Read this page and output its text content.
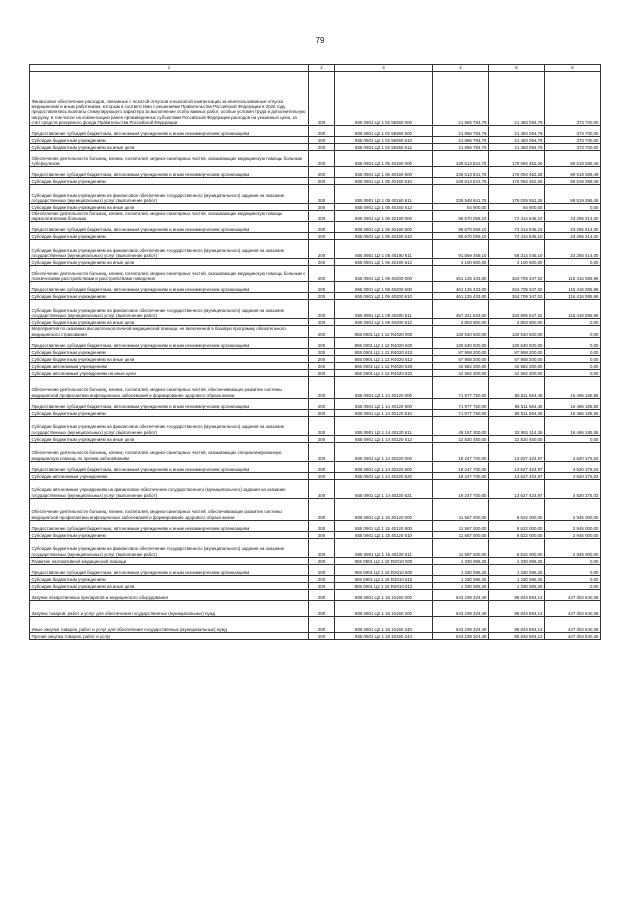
79
1	2	3	4	5	6
Финансовое обеспечение расходов, связанных с оплатой отпусков и выплатой компенсации за неиспользованные отпуска медицинским и иным работникам, которым в соответствии с решениями Правительства Российской Федерации в 2020 году предоставлялись выплаты стимулирующего характера за выполнение особо важных работ, особые условия труда и дополнительную нагрузку, в том числе на компенсацию ранее произведенных субъектами Российской Федерации расходов на указанные цели, за счет средств резервного фонда Правительства Российской Федерации	200	855 0901 Ц2 1 02 58360 000	21 856 794,79	21 483 094,79	373 700,00
Предоставление субсидий бюджетным, автономным учреждениям и иным некоммерческим организациям	200	855 0901 Ц2 1 02 58360 600	21 856 794,79	21 483 094,79	373 700,00
Субсидии бюджетным учреждениям	200	855 0901 Ц2 1 02 58360 610	21 856 794,79	21 483 094,79	373 700,00
Субсидии бюджетным учреждениям на иные цели	200	855 0901 Ц2 1 02 58360 612	21 856 794,79	21 483 094,79	373 700,00
Обеспечение деятельности больниц, клиник, госпиталей, медико-санитарных частей, оказывающих медицинскую помощь больным туберкулезом	200	855 0901 Ц2 1 05 40160 000	236 613 841,75	176 094 452,26	59 519 389,49
Предоставление субсидий бюджетным, автономным учреждениям и иным некоммерческим организациям	200	855 0901 Ц2 1 05 40160 600	236 613 841,75	176 094 452,26	59 519 389,49
Субсидии бюджетным учреждениям	200	855 0901 Ц2 1 05 40160 610	236 613 841,75	176 094 452,26	59 519 389,49
Субсидии бюджетным учреждениям на финансовое обеспечение государственного (муниципального) задания на оказание государственных (муниципальных) услуг (выполнение работ)	200	855 0901 Ц2 1 05 40160 611	236 548 941,75	176 029 552,26	59 519 389,49
Субсидии бюджетным учреждениям на иные цели	200	855 0901 Ц2 1 05 40160 612	64 900,00	64 900,00	0,00
Обеспечение деятельности больниц, клиник, госпиталей, медико-санитарных частей, оказывающих медицинскую помощь наркологическим больным	200	855 0901 Ц2 1 06 40190 000	95 670 059,10	72 414 645,10	23 255 414,00
Предоставление субсидий бюджетным, автономным учреждениям и иным некоммерческим организациям	200	855 0901 Ц2 1 06 40190 600	95 670 059,10	72 414 645,10	23 255 414,00
Субсидии бюджетным учреждениям	200	855 0901 Ц2 1 06 40190 610	95 670 059,10	72 414 645,10	23 255 414,00
Субсидии бюджетным учреждениям на финансовое обеспечение государственного (муниципального) задания на оказание государственных (муниципальных) услуг (выполнение работ)	200	855 0901 Ц2 1 06 40190 611	91 569 459,10	68 314 045,10	23 255 414,00
Субсидии бюджетным учреждениям на иные цели	200	855 0901 Ц2 1 06 40190 612	4 100 600,00	4 100 600,00	0,00
Обеспечение деятельности больниц, клиник, госпиталей, медико-санитарных частей, оказывающих медицинскую помощь больным с психическими расстройствами и расстройствами поведения	200	855 0901 Ц2 1 09 40200 000	461 125 433,00	344 709 347,02	116 416 085,98
Предоставление субсидий бюджетным, автономным учреждениям и иным некоммерческим организациям	200	855 0901 Ц2 1 09 40200 600	461 125 433,00	344 709 347,02	116 416 085,98
Субсидии бюджетным учреждениям	200	855 0901 Ц2 1 09 40200 610	461 125 433,00	344 709 347,02	116 416 085,98
Субсидии бюджетным учреждениям на финансовое обеспечение государственного (муниципального) задания на оказание государственных (муниципальных) услуг (выполнение работ)	200	855 0901 Ц2 1 09 40200 611	457 321 633,00	340 905 547,02	116 416 085,98
Субсидии бюджетным учреждениям на иные цели	200	855 0901 Ц2 1 09 40200 612	3 803 800,00	3 803 800,00	0,00
Мероприятия по оказанию высокотехнологичной медицинской помощи, не включенной в базовую программу обязательного медицинского страхования	200	855 0901 Ц2 1 12 R4020 000	130 540 500,00	130 540 500,00	0,00
Предоставление субсидий бюджетным, автономным учреждениям и иным некоммерческим организациям	200	855 0901 Ц2 1 12 R4020 600	130 540 500,00	130 540 500,00	0,00
Субсидии бюджетным учреждениям	200	855 0901 Ц2 1 12 R4020 610	87 958 200,00	87 958 200,00	0,00
Субсидии бюджетным учреждениям на иные цели	200	855 0901 Ц2 1 12 R4020 612	87 958 200,00	87 958 200,00	0,00
Субсидии автономным учреждениям	200	855 0901 Ц2 1 12 R4020 620	42 582 300,00	42 582 300,00	0,00
Субсидии автономным учреждениям на иные цели	200	855 0901 Ц2 1 12 R4020 622	42 582 300,00	42 582 300,00	0,00
Обеспечение деятельности больниц, клиник, госпиталей, медико-санитарных частей, обеспечивающих развитие системы медицинской профилактики инфекционных заболеваний и формирование здорового образа жизни	200	855 0901 Ц2 1 14 40120 000	71 977 750,00	55 511 564,45	16 466 185,55
Предоставление субсидий бюджетным, автономным учреждениям и иным некоммерческим организациям	200	855 0901 Ц2 1 14 40120 600	71 977 750,00	55 511 564,45	16 466 185,55
Субсидии бюджетным учреждениям	200	855 0901 Ц2 1 14 40120 610	71 977 750,00	55 511 564,45	16 466 185,55
Субсидии бюджетным учреждениям на финансовое обеспечение государственного (муниципального) задания на оказание государственных (муниципальных) услуг (выполнение работ)	200	855 0901 Ц2 1 14 40120 611	49 157 300,00	32 691 114,45	16 466 185,55
Субсидии бюджетным учреждениям на иные цели	200	855 0901 Ц2 1 14 40120 612	22 820 450,00	22 820 450,00	0,00
Обеспечение деятельности больниц, клиник, госпиталей, медико-санитарных частей, оказывающих специализированную медицинскую помощь по прочим заболеваниям	200	855 0901 Ц2 1 14 40220 000	18 247 700,00	13 627 424,97	4 620 275,03
Предоставление субсидий бюджетным, автономным учреждениям и иным некоммерческим организациям	200	855 0901 Ц2 1 14 40220 600	18 247 700,00	13 627 424,97	4 620 275,03
Субсидии автономным учреждениям	200	855 0901 Ц2 1 14 40220 620	18 247 700,00	13 627 424,97	4 620 275,03
Субсидии автономным учреждениям на финансовое обеспечение государственного (муниципального) задания на оказание государственных (муниципальных) услуг (выполнение работ)	200	855 0901 Ц2 1 14 40220 621	18 247 700,00	13 627 424,97	4 620 275,03
Обеспечение деятельности больниц, клиник, госпиталей, медико-санитарных частей, обеспечивающих развитие системы медицинской профилактики инфекционных заболеваний и формирование здорового образа жизни	200	855 0901 Ц2 1 15 40120 000	11 567 000,00	8 622 000,00	2 945 000,00
Предоставление субсидий бюджетным, автономным учреждениям и иным некоммерческим организациям	200	855 0901 Ц2 1 15 40120 600	11 567 000,00	8 622 000,00	2 945 000,00
Субсидии бюджетным учреждениям	200	855 0901 Ц2 1 15 40120 610	11 567 000,00	8 622 000,00	2 945 000,00
Субсидии бюджетным учреждениям на финансовое обеспечение государственного (муниципального) задания на оказание государственных (муниципальных) услуг (выполнение работ)	200	855 0901 Ц2 1 15 40120 611	11 567 000,00	8 622 000,00	2 945 000,00
Развитие паллиативной медицинской помощи	200	855 0901 Ц2 1 15 R2010 000	1 330 595,25	1 330 595,25	0,00
Предоставление субсидий бюджетным, автономным учреждениям и иным некоммерческим организациям	200	855 0901 Ц2 1 15 R2010 600	1 330 595,25	1 330 595,25	0,00
Субсидии бюджетным учреждениям	200	855 0901 Ц2 1 15 R2010 610	1 330 595,25	1 330 595,25	0,00
Субсидии бюджетным учреждениям на иные цели	200	855 0901 Ц2 1 15 R2010 612	1 330 595,25	1 330 595,25	0,00
Закупки лекарственных препаратов и медицинского оборудования	200	855 0901 Ц2 1 18 10160 000	543 239 324,49	95 934 684,13	447 304 640,36
Закупка товаров, работ и услуг для обеспечения государственных (муниципальных) нужд	200	855 0901 Ц2 1 18 10160 200	543 239 324,49	95 934 684,13	447 304 640,36
Иные закупки товаров, работ и услуг для обеспечения государственных (муниципальных) нужд	200	855 0901 Ц2 1 18 10160 240	543 239 324,49	95 934 684,13	447 304 640,36
Прочая закупка товаров, работ и услуг	200	855 0901 Ц2 1 18 10160 244	543 239 324,49	95 934 684,13	447 304 640,36
